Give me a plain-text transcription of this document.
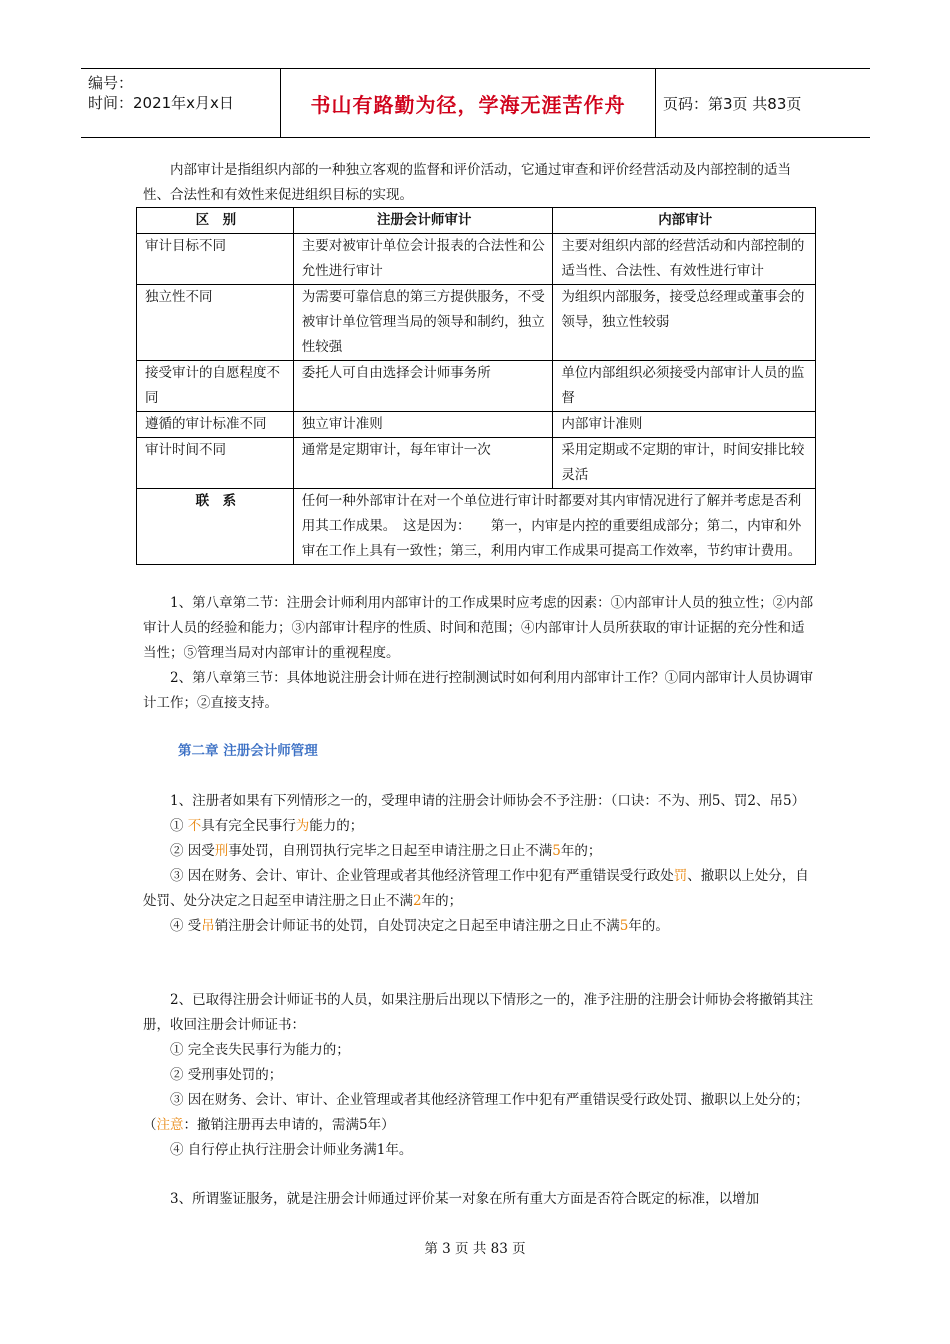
编号：
时间：2021年x月x日	书山有路勤为径，学海无涯苦作舟	页码：第3页 共83页
内部审计是指组织内部的一种独立客观的监督和评价活动，它通过审查和评价经营活动及内部控制的适当性、合法性和有效性来促进组织目标的实现。
区　别	注册会计师审计	内部审计
审计目标不同	主要对被审计单位会计报表的合法性和公允性进行审计	主要对组织内部的经营活动和内部控制的适当性、合法性、有效性进行审计
独立性不同	为需要可靠信息的第三方提供服务，不受被审计单位管理当局的领导和制约，独立性较强	为组织内部服务，接受总经理或董事会的领导，独立性较弱
接受审计的自愿程度不同	委托人可自由选择会计师事务所	单位内部组织必须接受内部审计人员的监督
遵循的审计标准不同	独立审计准则	内部审计准则
审计时间不同	通常是定期审计，每年审计一次	采用定期或不定期的审计，时间安排比较灵活
联　系	任何一种外部审计在对一个单位进行审计时都要对其内审情况进行了解并考虑是否利用其工作成果。　这是因为：　　第一，内审是内控的重要组成部分；第二，内审和外审在工作上具有一致性；第三，利用内审工作成果可提高工作效率，节约审计费用。	

1、第八章第二节：注册会计师利用内部审计的工作成果时应考虑的因素：①内部审计人员的独立性；②内部审计人员的经验和能力；③内部审计程序的性质、时间和范围；④内部审计人员所获取的审计证据的充分性和适当性；⑤管理当局对内部审计的重视程度。

2、第八章第三节：具体地说注册会计师在进行控制测试时如何利用内部审计工作？①同内部审计人员协调审计工作；②直接支持。

第二章 注册会计师管理

1、注册者如果有下列情形之一的，受理申请的注册会计师协会不予注册：（口诀：不为、刑5、罚2、吊5）

① 不具有完全民事行为能力的；

② 因受刑事处罚，自刑罚执行完毕之日起至申请注册之日止不满5年的；

③ 因在财务、会计、审计、企业管理或者其他经济管理工作中犯有严重错误受行政处罚、撤职以上处分，自处罚、处分决定之日起至申请注册之日止不满2年的；

④ 受吊销注册会计师证书的处罚，自处罚决定之日起至申请注册之日止不满5年的。

2、已取得注册会计师证书的人员，如果注册后出现以下情形之一的，准予注册的注册会计师协会将撤销其注册，收回注册会计师证书：

① 完全丧失民事行为能力的；

② 受刑事处罚的；

③ 因在财务、会计、审计、企业管理或者其他经济管理工作中犯有严重错误受行政处罚、撤职以上处分的；（注意：撤销注册再去申请的，需满5年）

④ 自行停止执行注册会计师业务满1年。

3、所谓鉴证服务，就是注册会计师通过评价某一对象在所有重大方面是否符合既定的标准，以增加
第 3 页 共 83 页
